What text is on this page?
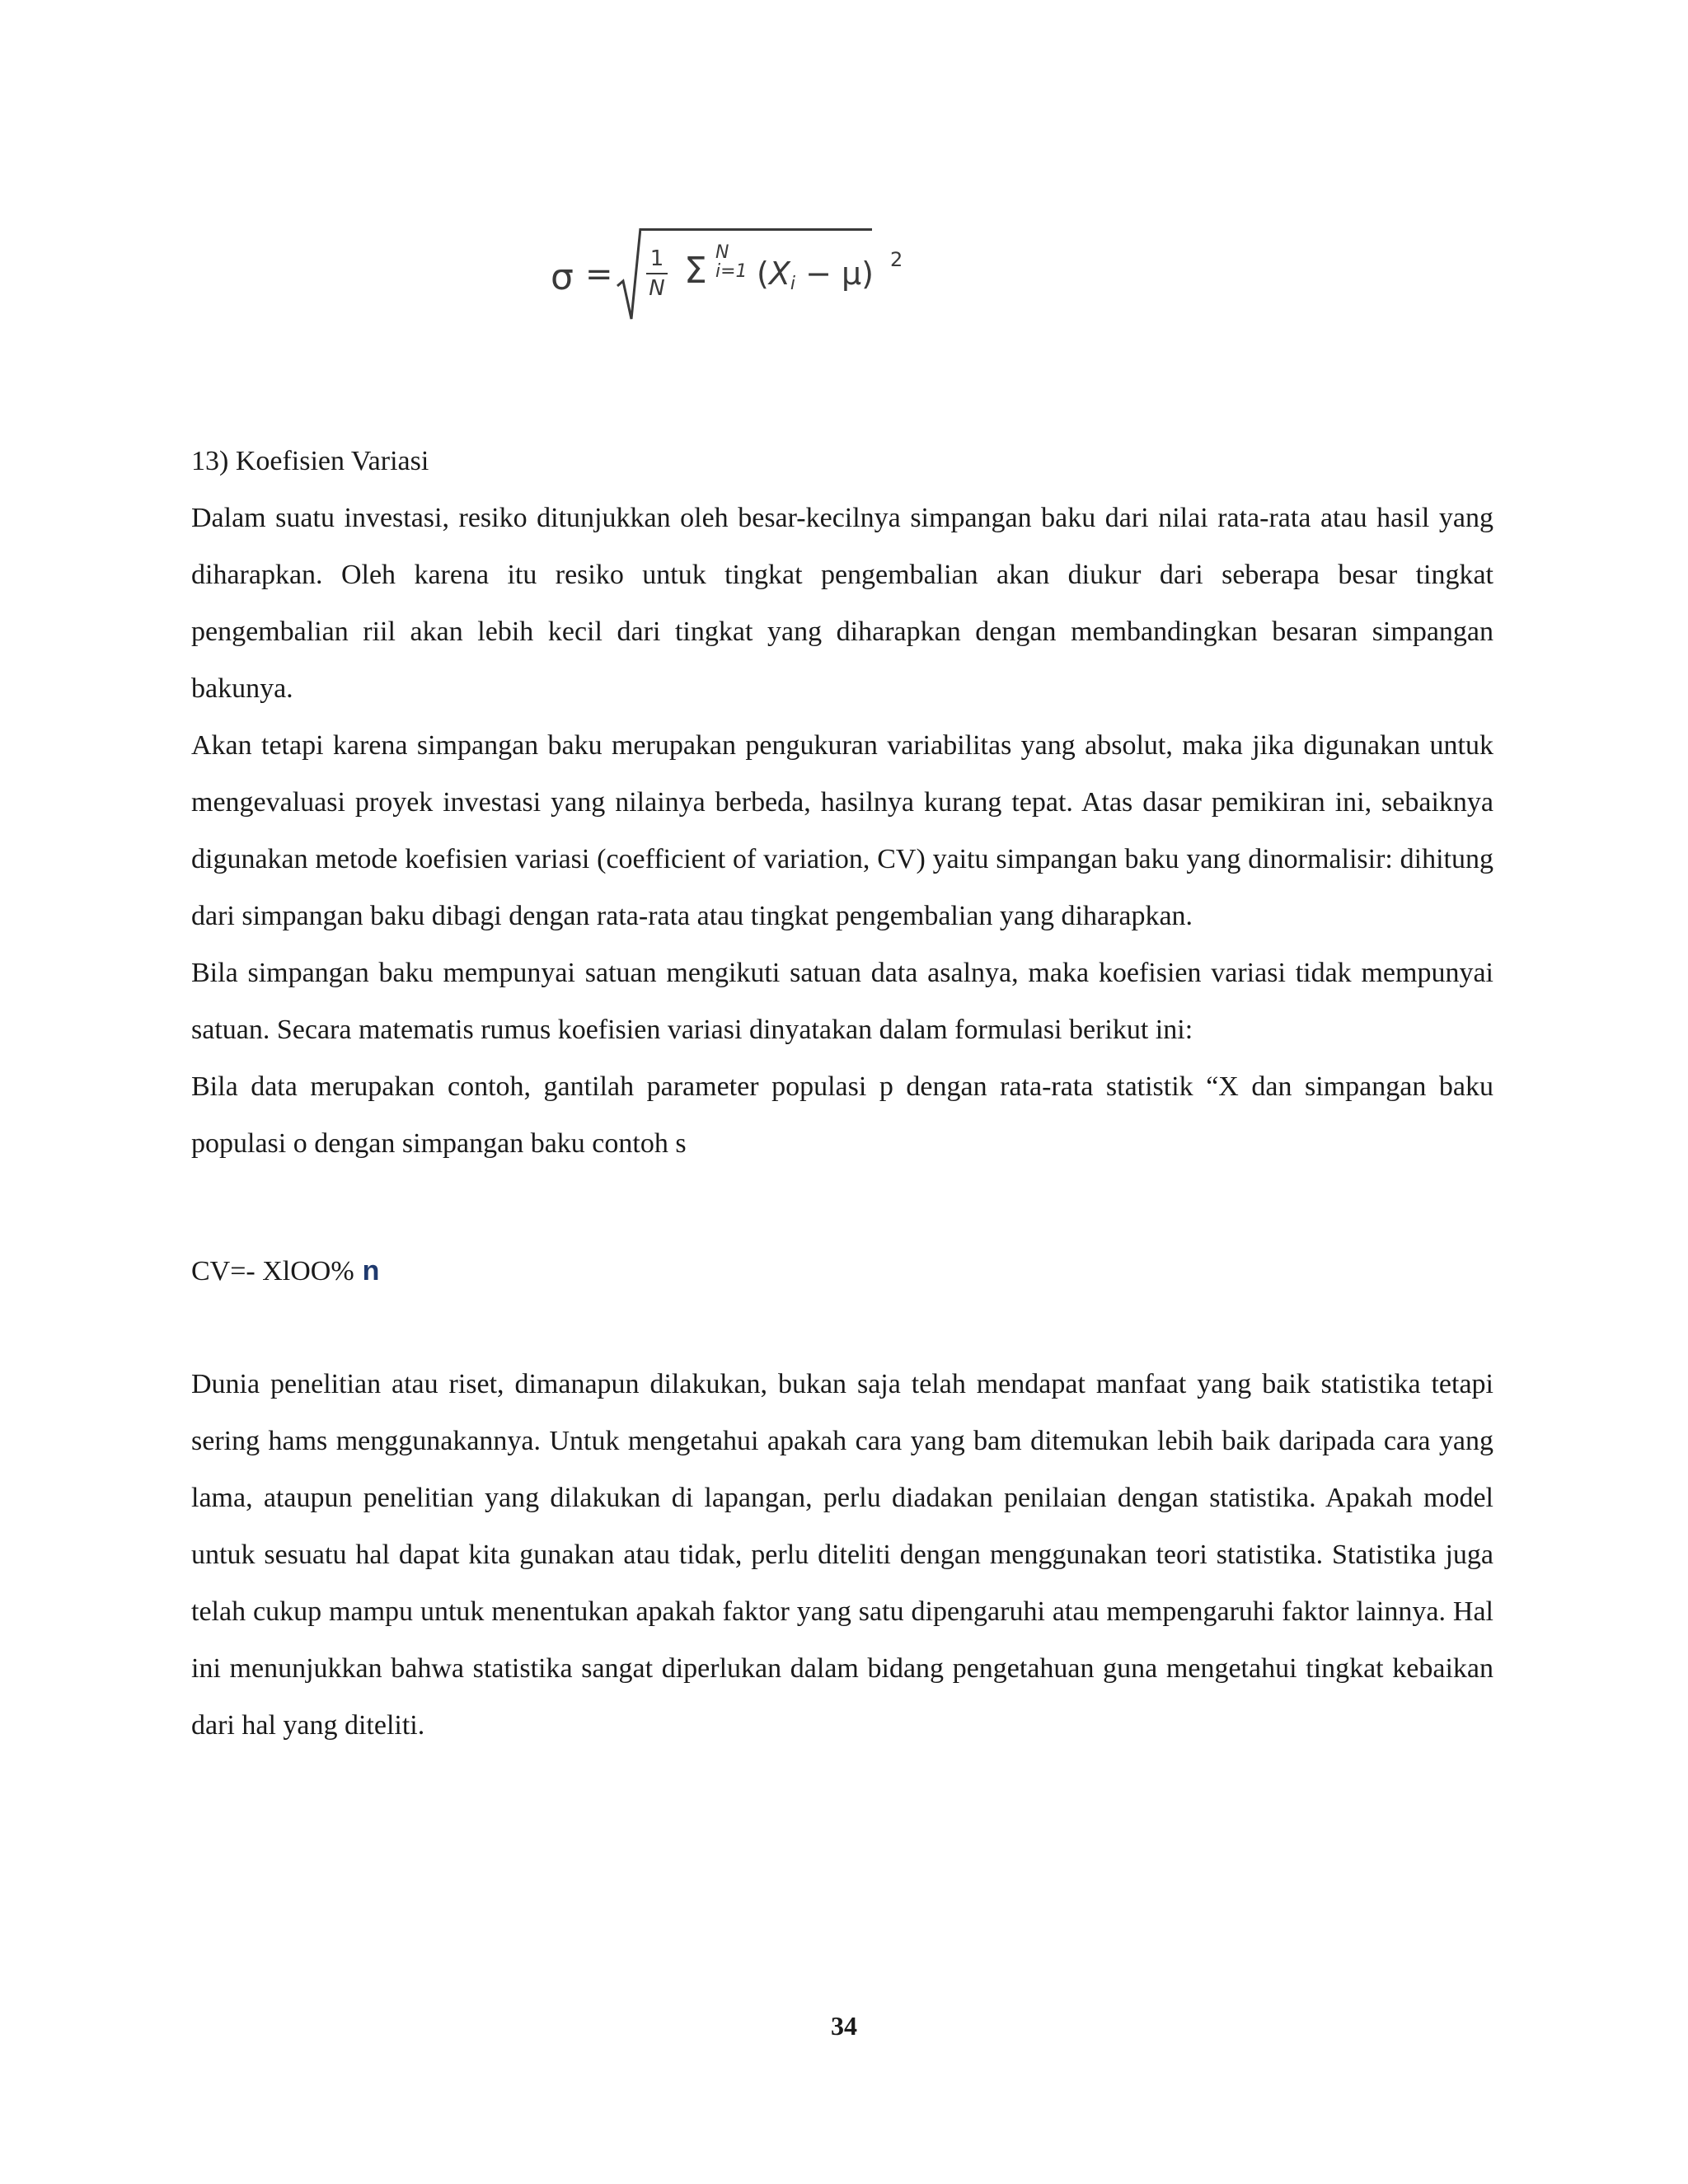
σ = 1
N Σ N
i=1 $(X_i - \mu)$ 2
13) Koefisien Variasi

Dalam suatu investasi, resiko ditunjukkan oleh besar-kecilnya simpangan baku dari nilai rata-rata atau hasil yang diharapkan. Oleh karena itu resiko untuk tingkat pengembalian akan diukur dari seberapa besar tingkat pengembalian riil akan lebih kecil dari tingkat yang diharapkan dengan membandingkan besaran simpangan bakunya.

Akan tetapi karena simpangan baku merupakan pengukuran variabilitas yang absolut, maka jika digunakan untuk mengevaluasi proyek investasi yang nilainya berbeda, hasilnya kurang tepat. Atas dasar pemikiran ini, sebaiknya digunakan metode koefisien variasi (coefficient of variation, CV) yaitu simpangan baku yang dinormalisir: dihitung dari simpangan baku dibagi dengan rata-rata atau tingkat pengembalian yang diharapkan.

Bila simpangan baku mempunyai satuan mengikuti satuan data asalnya, maka koefisien variasi tidak mempunyai satuan. Secara matematis rumus koefisien variasi dinyatakan dalam formulasi berikut ini:

Bila data merupakan contoh, gantilah parameter populasi p dengan rata-rata statistik “X dan simpangan baku populasi o dengan simpangan baku contoh s

CV=- XlOO% n

Dunia penelitian atau riset, dimanapun dilakukan, bukan saja telah mendapat manfaat yang baik statistika tetapi sering hams menggunakannya. Untuk mengetahui apakah cara yang bam ditemukan lebih baik daripada cara yang lama, ataupun penelitian yang dilakukan di lapangan, perlu diadakan penilaian dengan statistika. Apakah model untuk sesuatu hal dapat kita gunakan atau tidak, perlu diteliti dengan menggunakan teori statistika. Statistika juga telah cukup mampu untuk menentukan apakah faktor yang satu dipengaruhi atau mempengaruhi faktor lainnya. Hal ini menunjukkan bahwa statistika sangat diperlukan dalam bidang pengetahuan guna mengetahui tingkat kebaikan dari hal yang diteliti.

34
